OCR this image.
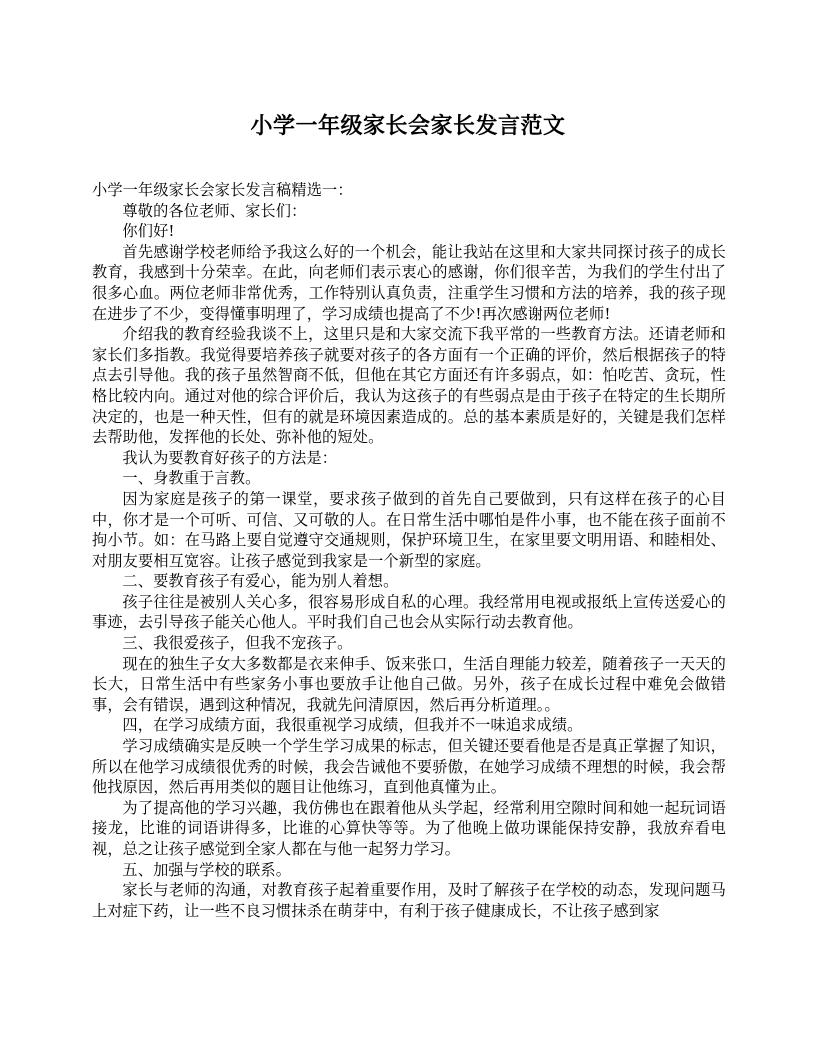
小学一年级家长会家长发言范文

小学一年级家长会家长发言稿精选一：

尊敬的各位老师、家长们：

你们好!

首先感谢学校老师给予我这么好的一个机会，能让我站在这里和大家共同探讨孩子的成长教育，我感到十分荣幸。在此，向老师们表示衷心的感谢，你们很辛苦，为我们的学生付出了很多心血。两位老师非常优秀，工作特别认真负责，注重学生习惯和方法的培养，我的孩子现在进步了不少，变得懂事明理了，学习成绩也提高了不少!再次感谢两位老师!

介绍我的教育经验我谈不上，这里只是和大家交流下我平常的一些教育方法。还请老师和家长们多指教。我觉得要培养孩子就要对孩子的各方面有一个正确的评价，然后根据孩子的特点去引导他。我的孩子虽然智商不低，但他在其它方面还有许多弱点，如：怕吃苦、贪玩，性格比较内向。通过对他的综合评价后，我认为这孩子的有些弱点是由于孩子在特定的生长期所决定的，也是一种天性，但有的就是环境因素造成的。总的基本素质是好的，关键是我们怎样去帮助他，发挥他的长处、弥补他的短处。

我认为要教育好孩子的方法是：

一、身教重于言教。

因为家庭是孩子的第一课堂，要求孩子做到的首先自己要做到，只有这样在孩子的心目中，你才是一个可听、可信、又可敬的人。在日常生活中哪怕是件小事，也不能在孩子面前不拘小节。如：在马路上要自觉遵守交通规则，保护环境卫生，在家里要文明用语、和睦相处、对朋友要相互宽容。让孩子感觉到我家是一个新型的家庭。

二、要教育孩子有爱心，能为别人着想。

孩子往往是被别人关心多，很容易形成自私的心理。我经常用电视或报纸上宣传送爱心的事迹，去引导孩子能关心他人。平时我们自己也会从实际行动去教育他。

三、我很爱孩子，但我不宠孩子。

现在的独生子女大多数都是衣来伸手、饭来张口，生活自理能力较差，随着孩子一天天的长大，日常生活中有些家务小事也要放手让他自己做。另外，孩子在成长过程中难免会做错事，会有错误，遇到这种情况，我就先问清原因，然后再分析道理。。

四，在学习成绩方面，我很重视学习成绩，但我并不一味追求成绩。

学习成绩确实是反映一个学生学习成果的标志，但关键还要看他是否是真正掌握了知识，所以在他学习成绩很优秀的时候，我会告诫他不要骄傲，在她学习成绩不理想的时候，我会帮他找原因，然后再用类似的题目让他练习，直到他真懂为止。

为了提高他的学习兴趣，我仿佛也在跟着他从头学起，经常利用空隙时间和她一起玩词语接龙，比谁的词语讲得多，比谁的心算快等等。为了他晚上做功课能保持安静，我放弃看电视，总之让孩子感觉到全家人都在与他一起努力学习。

五、加强与学校的联系。

家长与老师的沟通，对教育孩子起着重要作用，及时了解孩子在学校的动态，发现问题马上对症下药，让一些不良习惯抹杀在萌芽中，有利于孩子健康成长，不让孩子感到家
